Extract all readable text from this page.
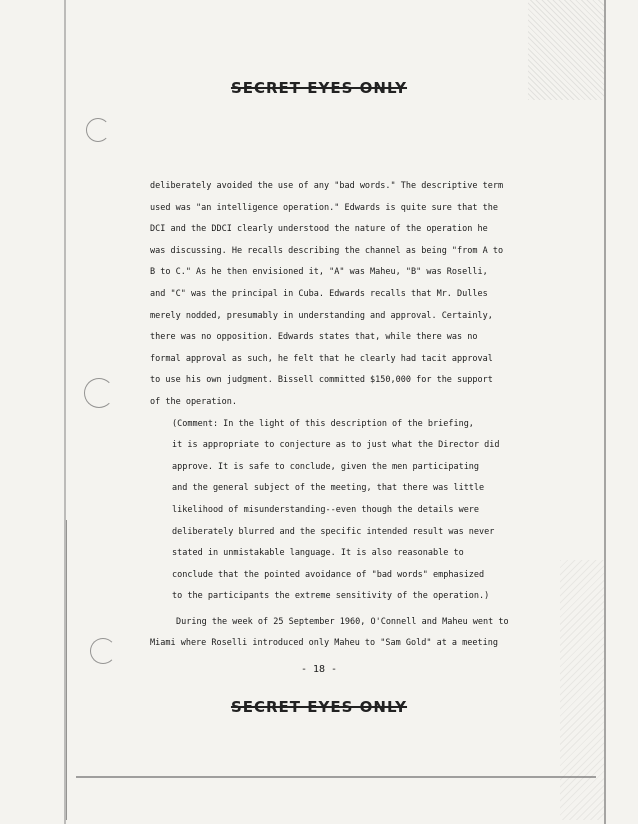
SECRET EYES ONLY
deliberately avoided the use of any "bad words." The descriptive term
used was "an intelligence operation." Edwards is quite sure that the
DCI and the DDCI clearly understood the nature of the operation he
was discussing. He recalls describing the channel as being "from A to
B to C." As he then envisioned it, "A" was Maheu, "B" was Roselli,
and "C" was the principal in Cuba. Edwards recalls that Mr. Dulles
merely nodded, presumably in understanding and approval. Certainly,
there was no opposition. Edwards states that, while there was no
formal approval as such, he felt that he clearly had tacit approval
to use his own judgment. Bissell committed $150,000 for the support
of the operation.
(Comment: In the light of this description of the briefing,
it is appropriate to conjecture as to just what the Director did
approve. It is safe to conclude, given the men participating
and the general subject of the meeting, that there was little
likelihood of misunderstanding--even though the details were
deliberately blurred and the specific intended result was never
stated in unmistakable language. It is also reasonable to
conclude that the pointed avoidance of "bad words" emphasized
to the participants the extreme sensitivity of the operation.)
During the week of 25 September 1960, O'Connell and Maheu went to
Miami where Roselli introduced only Maheu to "Sam Gold" at a meeting
- 18 -
SECRET EYES ONLY
